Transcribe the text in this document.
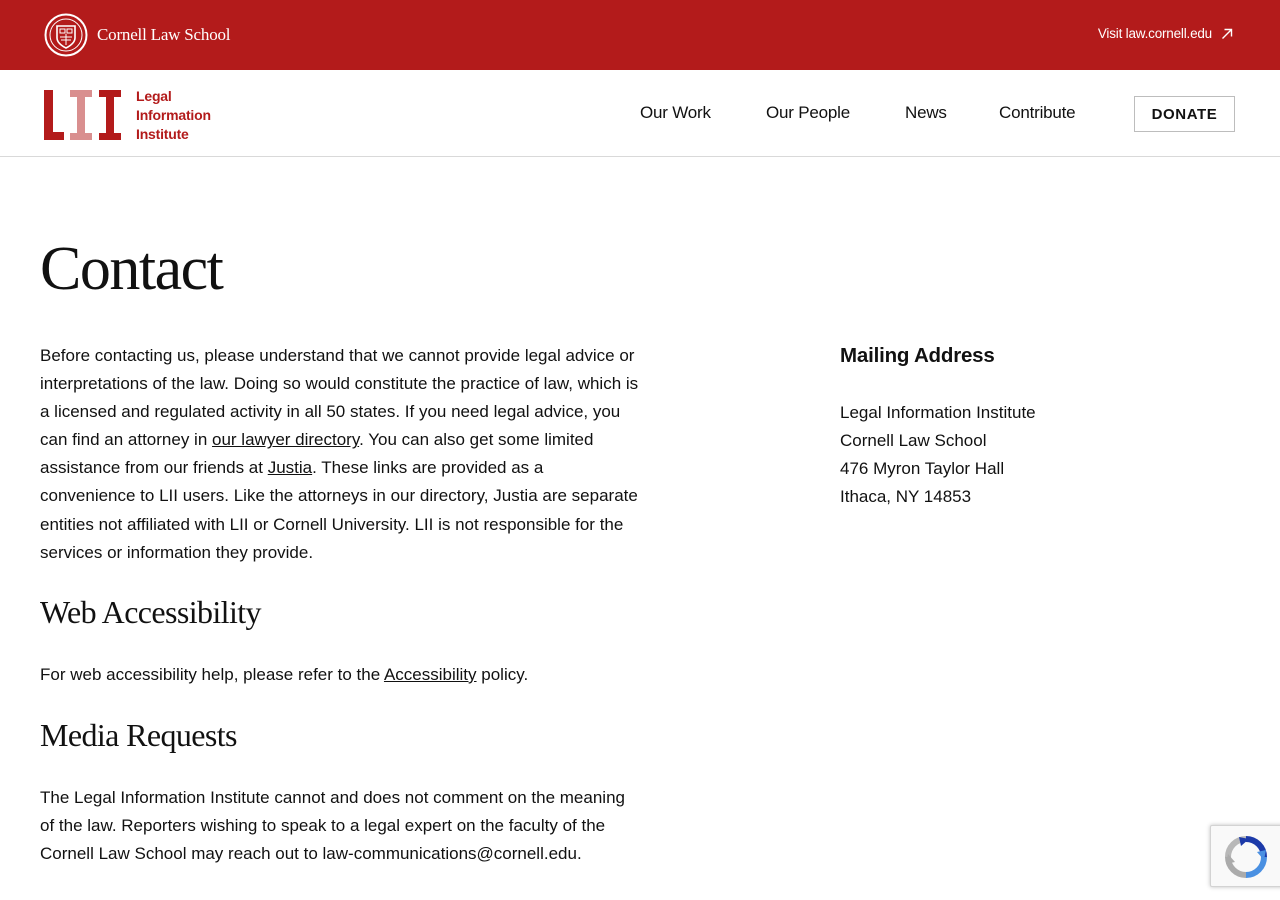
Cornell Law School	Visit law.cornell.edu
Legal
Information
Institute
Our Work	Our People	News	Contribute	DONATE
Contact

Before contacting us, please understand that we cannot provide legal advice or interpretations of the law. Doing so would constitute the practice of law, which is a licensed and regulated activity in all 50 states. If you need legal advice, you can find an attorney in our lawyer directory. You can also get some limited assistance from our friends at Justia. These links are provided as a convenience to LII users. Like the attorneys in our directory, Justia are separate entities not affiliated with LII or Cornell University. LII is not responsible for the services or information they provide.

Web Accessibility

For web accessibility help, please refer to the Accessibility policy.

Media Requests

The Legal Information Institute cannot and does not comment on the meaning of the law. Reporters wishing to speak to a legal expert on the faculty of the Cornell Law School may reach out to law-communications@cornell.edu.

Mailing Address
Legal Information Institute
Cornell Law School
476 Myron Taylor Hall
Ithaca, NY 14853
